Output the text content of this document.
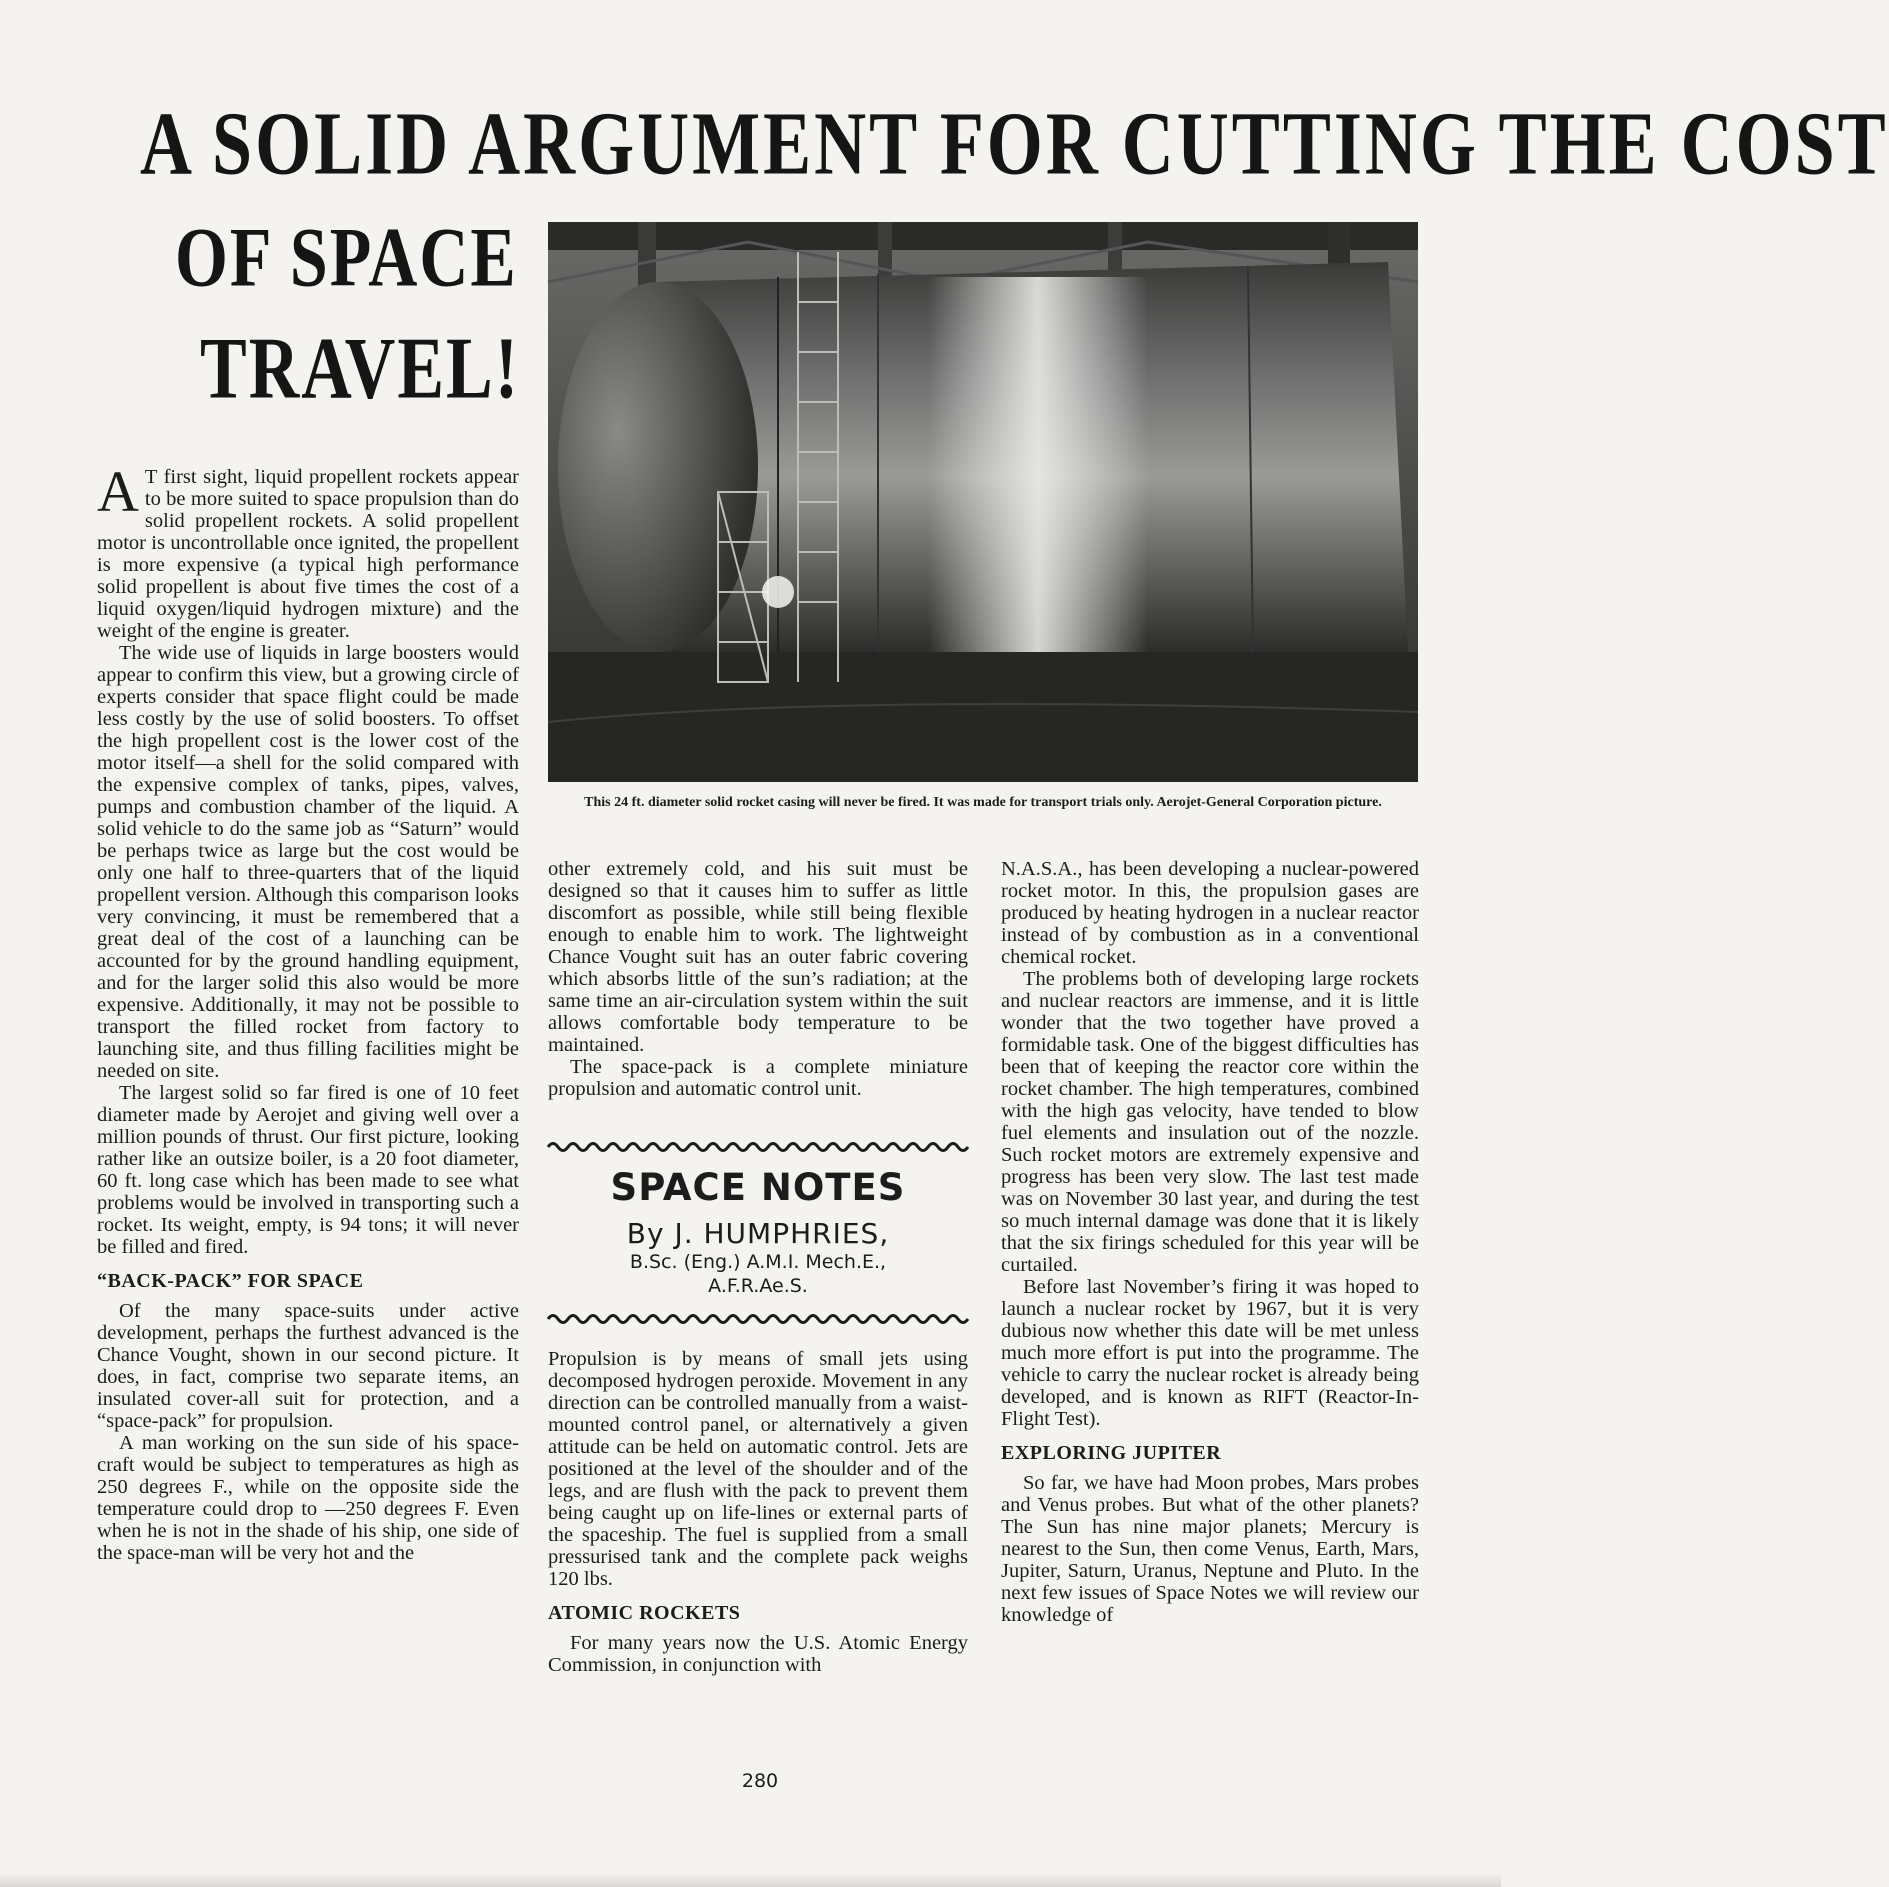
A SOLID ARGUMENT FOR CUTTING THE COST
OF SPACE
TRAVEL!

A T first sight, liquid propellent rockets appear to be more suited to space propulsion than do solid propellent rockets. A solid propellent motor is uncontrollable once ignited, the propellent is more expensive (a typical high performance solid propellent is about five times the cost of a liquid oxygen/liquid hydrogen mixture) and the weight of the engine is greater.

The wide use of liquids in large boosters would appear to confirm this view, but a growing circle of experts consider that space flight could be made less costly by the use of solid boosters. To offset the high propellent cost is the lower cost of the motor itself—a shell for the solid compared with the expensive complex of tanks, pipes, valves, pumps and combustion chamber of the liquid. A solid vehicle to do the same job as “Saturn” would be perhaps twice as large but the cost would be only one half to three-quarters that of the liquid propellent version. Although this comparison looks very convincing, it must be remembered that a great deal of the cost of a launching can be accounted for by the ground handling equipment, and for the larger solid this also would be more expensive. Additionally, it may not be possible to transport the filled rocket from factory to launching site, and thus filling facilities might be needed on site.

The largest solid so far fired is one of 10 feet diameter made by Aerojet and giving well over a million pounds of thrust. Our first picture, looking rather like an outsize boiler, is a 20 foot diameter, 60 ft. long case which has been made to see what problems would be involved in transporting such a rocket. Its weight, empty, is 94 tons; it will never be filled and fired.

“BACK-PACK” FOR SPACE

Of the many space-suits under active development, perhaps the furthest advanced is the Chance Vought, shown in our second picture. It does, in fact, comprise two separate items, an insulated cover-all suit for protection, and a “space-pack” for propulsion.

A man working on the sun side of his space-craft would be subject to temperatures as high as 250 degrees F., while on the opposite side the temperature could drop to —250 degrees F. Even when he is not in the shade of his ship, one side of the space-man will be very hot and the

This 24 ft. diameter solid rocket casing will never be fired. It was made for transport trials only. Aerojet-General Corporation picture.

other extremely cold, and his suit must be designed so that it causes him to suffer as little discomfort as possible, while still being flexible enough to enable him to work. The lightweight Chance Vought suit has an outer fabric covering which absorbs little of the sun’s radiation; at the same time an air-circulation system within the suit allows comfortable body temperature to be maintained.

The space-pack is a complete miniature propulsion and automatic control unit.

SPACE NOTES
By J. HUMPHRIES,
B.Sc. (Eng.) A.M.I. Mech.E.,
A.F.R.Ae.S.

Propulsion is by means of small jets using decomposed hydrogen peroxide. Movement in any direction can be controlled manually from a waist-mounted control panel, or alternatively a given attitude can be held on automatic control. Jets are positioned at the level of the shoulder and of the legs, and are flush with the pack to prevent them being caught up on life-lines or external parts of the spaceship. The fuel is supplied from a small pressurised tank and the complete pack weighs 120 lbs.

ATOMIC ROCKETS

For many years now the U.S. Atomic Energy Commission, in conjunction with

N.A.S.A., has been developing a nuclear-powered rocket motor. In this, the propulsion gases are produced by heating hydrogen in a nuclear reactor instead of by combustion as in a conventional chemical rocket.

The problems both of developing large rockets and nuclear reactors are immense, and it is little wonder that the two together have proved a formidable task. One of the biggest difficulties has been that of keeping the reactor core within the rocket chamber. The high temperatures, combined with the high gas velocity, have tended to blow fuel elements and insulation out of the nozzle. Such rocket motors are extremely expensive and progress has been very slow. The last test made was on November 30 last year, and during the test so much internal damage was done that it is likely that the six firings scheduled for this year will be curtailed.

Before last November’s firing it was hoped to launch a nuclear rocket by 1967, but it is very dubious now whether this date will be met unless much more effort is put into the programme. The vehicle to carry the nuclear rocket is already being developed, and is known as RIFT (Reactor-In-Flight Test).

EXPLORING JUPITER

So far, we have had Moon probes, Mars probes and Venus probes. But what of the other planets? The Sun has nine major planets; Mercury is nearest to the Sun, then come Venus, Earth, Mars, Jupiter, Saturn, Uranus, Neptune and Pluto. In the next few issues of Space Notes we will review our knowledge of

280
